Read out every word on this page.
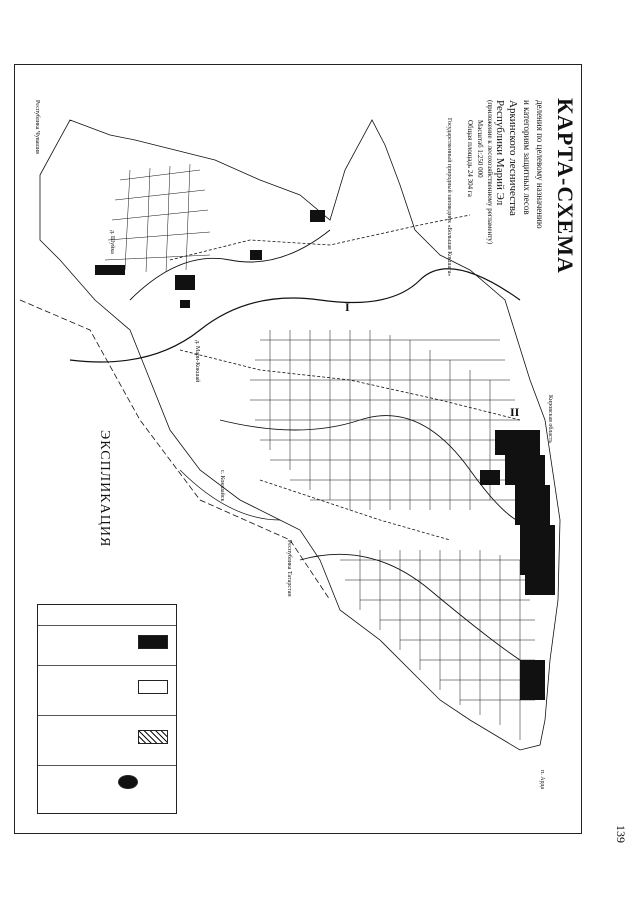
КАРТА-СХЕМА
деления по целевому назначению
и категориям защитных лесов
Аркинского лесничества
Республики Марий Эл
(приложение к лесохозяйственному регламенту)
Масштаб 1:250 000
Общая площадь 24 304 га
Государственный природный заповедник «Большая Кокшага»
I
II
Республика Татарстан
Республика Чувашия
Кировская область
п. Арда
с. Кокшайск
д. Шуйка
д. Мари-Кокшай
ЭКСПЛИКАЦИЯ
139
